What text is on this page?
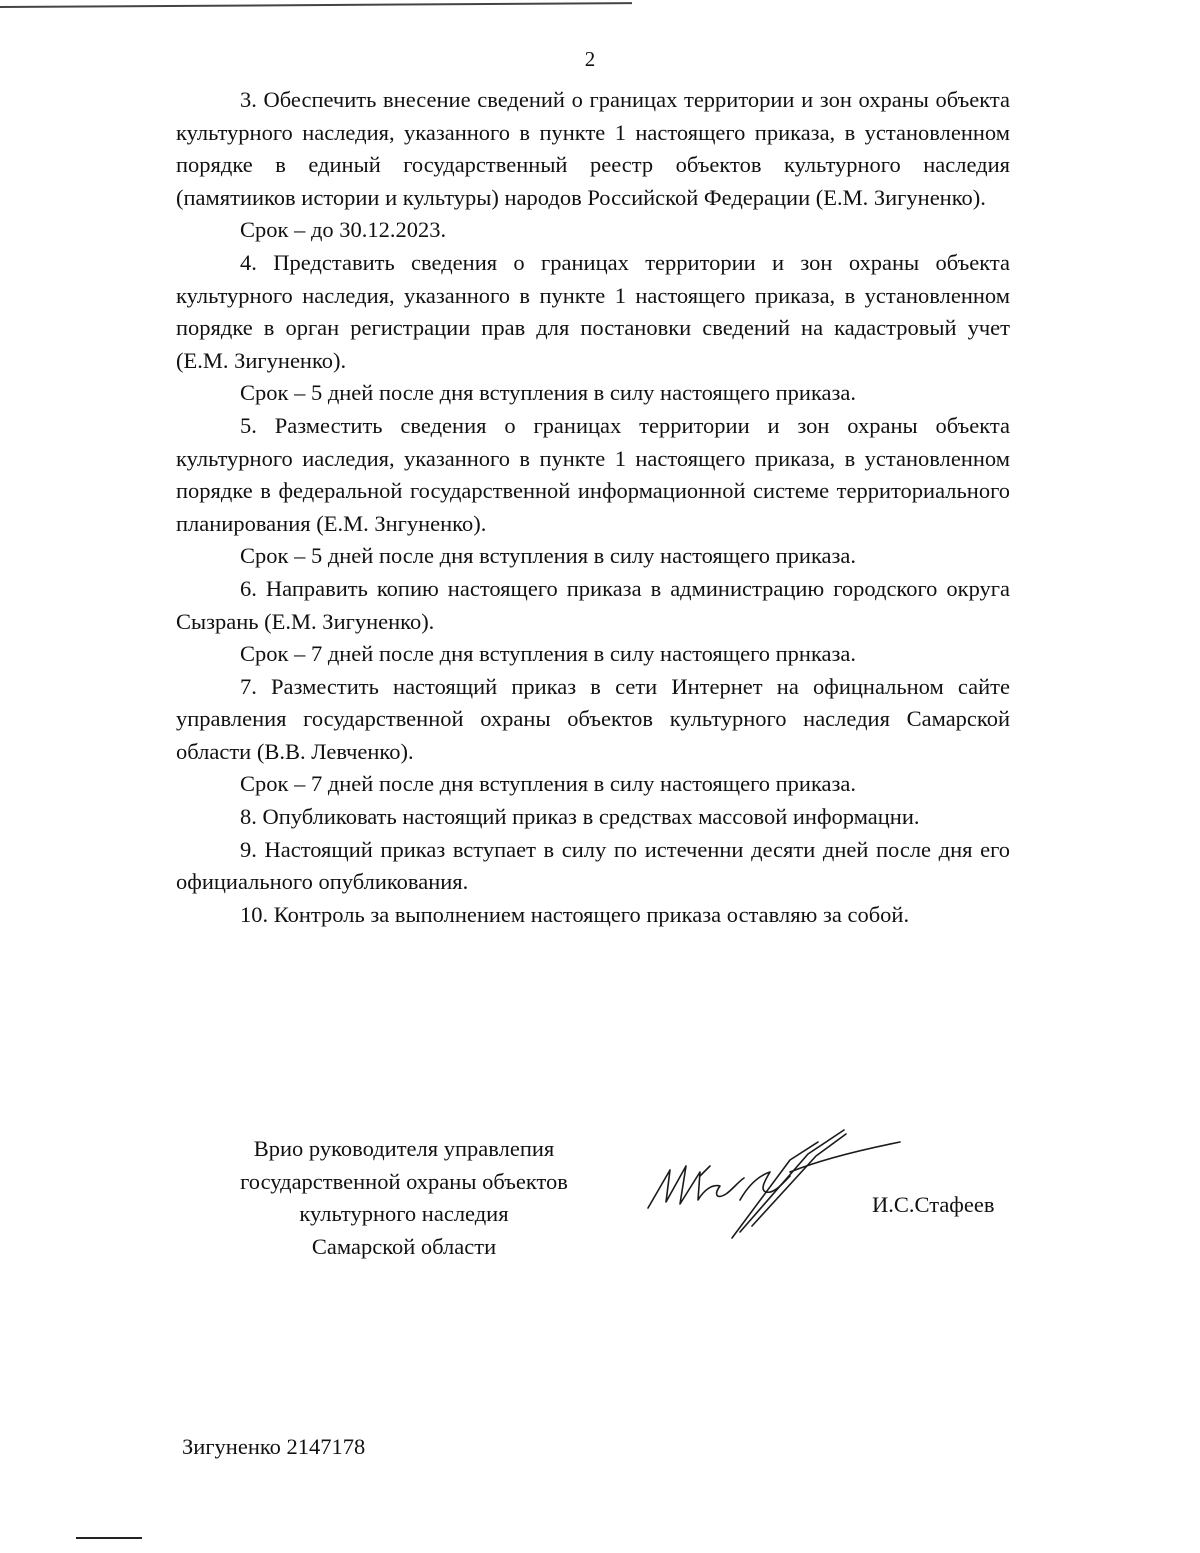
2

3. Обеспечить внесение сведений о границах территории и зон охраны объекта культурного наследия, указанного в пункте 1 настоящего приказа, в установленном порядке в единый государственный реестр объектов культурного наследия (памятииков истории и культуры) народов Российской Федерации (Е.М. Зигуненко).

Срок – до 30.12.2023.

4. Представить сведения о границах территории и зон охраны объекта культурного наследия, указанного в пункте 1 настоящего приказа, в установленном порядке в орган регистрации прав для постановки сведений на кадастровый учет (Е.М. Зигуненко).

Срок – 5 дней после дня вступления в силу настоящего приказа.

5. Разместить сведения о границах территории и зон охраны объекта культурного иаследия, указанного в пункте 1 настоящего приказа, в установленном порядке в федеральной государственной информационной системе территориального планирования (Е.М. Знгуненко).

Срок – 5 дней после дня вступления в силу настоящего приказа.

6. Направить копию настоящего приказа в администрацию городского округа Сызрань (Е.М. Зигуненко).

Срок – 7 дней после дня вступления в силу настоящего прнказа.

7. Разместить настоящий приказ в сети Интернет на офицнальном сайте управления государственной охраны объектов культурного наследия Самарской области (В.В. Левченко).

Срок – 7 дней после дня вступления в силу настоящего приказа.

8. Опубликовать настоящий приказ в средствах массовой информацни.

9. Настоящий приказ вступает в силу по истеченни десяти дней после дня его официального опубликования.

10. Контроль за выполнением настоящего приказа оставляю за собой.

Врио руководителя управлепия
государственной охраны объектов
культурного наследия
Самарской области
И.С.Стафеев
Зигуненко 2147178
